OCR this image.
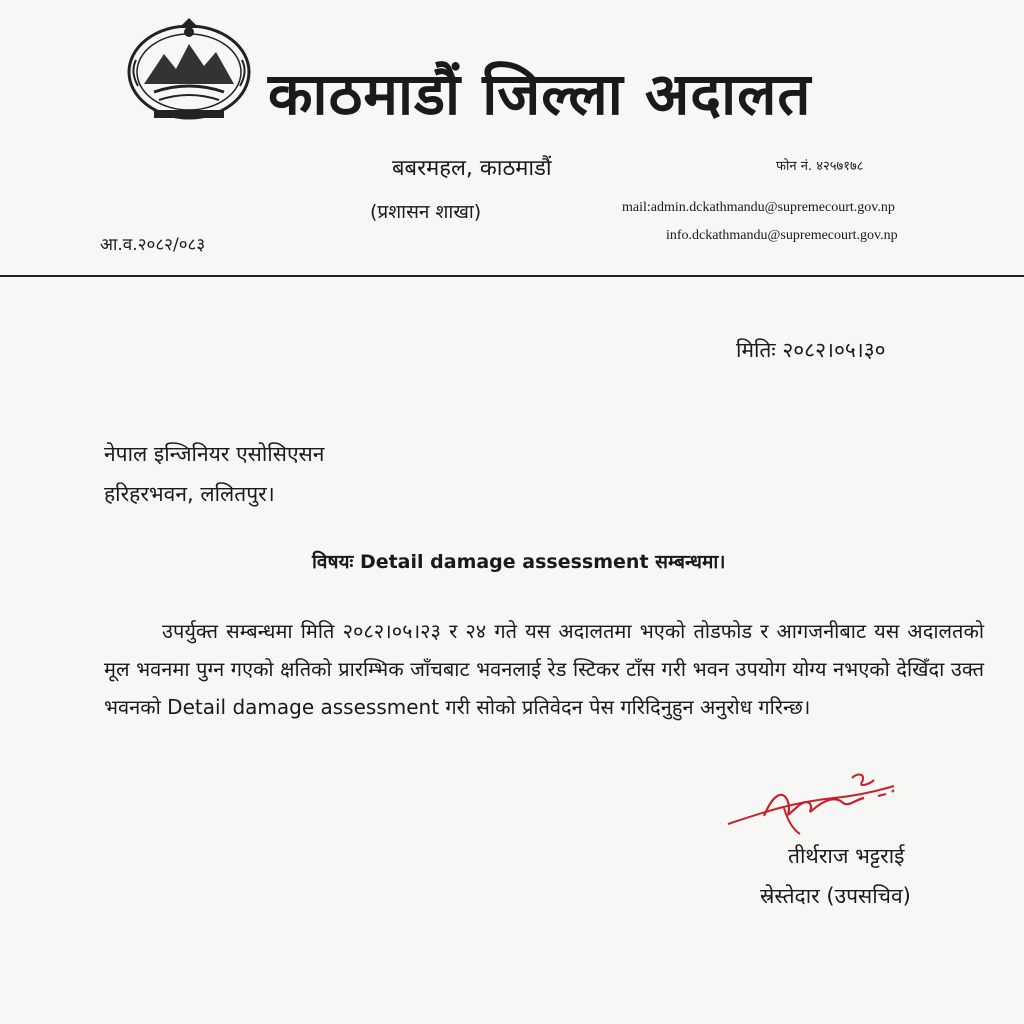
काठमाडौं जिल्ला अदालत
बबरमहल, काठमाडौं
(प्रशासन शाखा)
आ.व.२०८२/०८३
फोन नं. ४२५७१७८
mail:admin.dckathmandu@supremecourt.gov.np
info.dckathmandu@supremecourt.gov.np
मितिः २०८२।०५।३०
नेपाल इन्जिनियर एसोसिएसन
हरिहरभवन, ललितपुर।
विषयः Detail damage assessment सम्बन्धमा।
उपर्युक्त सम्बन्धमा मिति २०८२।०५।२३ र २४ गते यस अदालतमा भएको तोडफोड र आगजनीबाट यस अदालतको मूल भवनमा पुग्न गएको क्षतिको प्रारम्भिक जाँचबाट भवनलाई रेड स्टिकर टाँस गरी भवन उपयोग योग्य नभएको देखिँदा उक्त भवनको Detail damage assessment गरी सोको प्रतिवेदन पेस गरिदिनुहुन अनुरोध गरिन्छ।
तीर्थराज भट्टराई
स्रेस्तेदार (उपसचिव)
